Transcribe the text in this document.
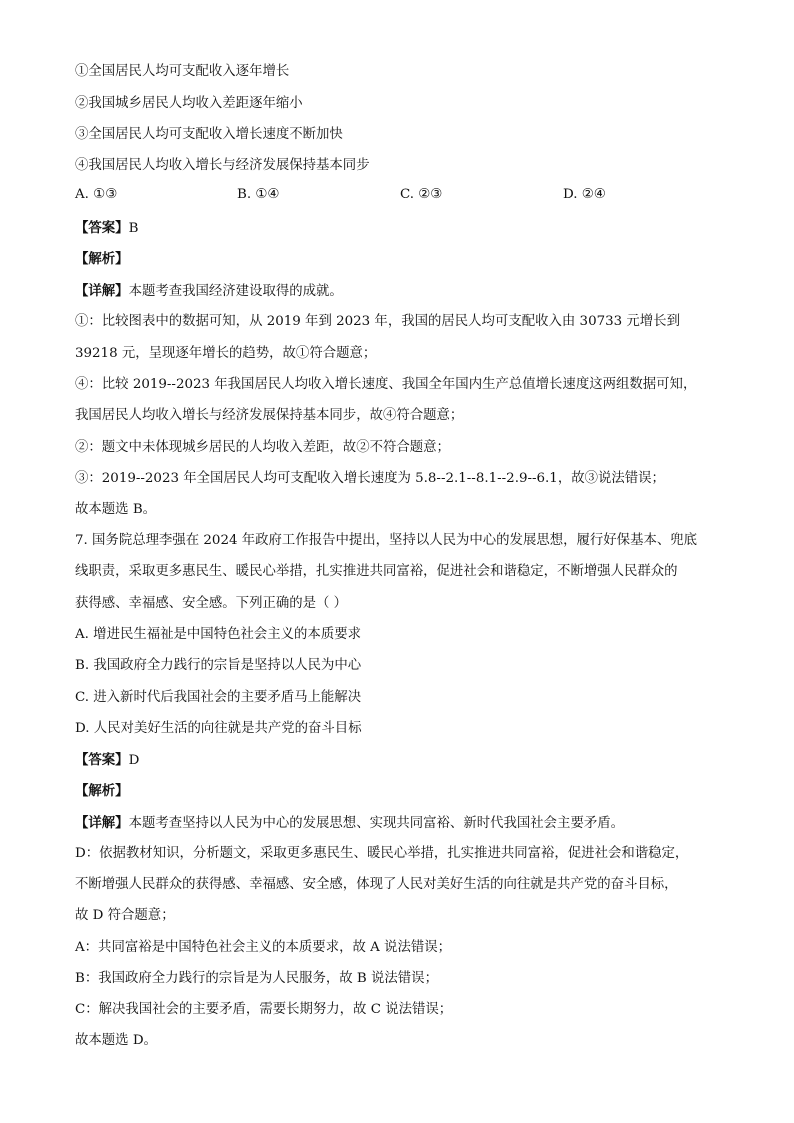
①全国居民人均可支配收入逐年增长
②我国城乡居民人均收入差距逐年缩小
③全国居民人均可支配收入增长速度不断加快
④我国居民人均收入增长与经济发展保持基本同步
A. ①③	B. ①④	C. ②③	D. ②④
【答案】B
【解析】
【详解】本题考查我国经济建设取得的成就。
①：比较图表中的数据可知，从 2019 年到 2023 年，我国的居民人均可支配收入由 30733 元增长到
39218 元，呈现逐年增长的趋势，故①符合题意；
④：比较 2019--2023 年我国居民人均收入增长速度、我国全年国内生产总值增长速度这两组数据可知，
我国居民人均收入增长与经济发展保持基本同步，故④符合题意；
②：题文中未体现城乡居民的人均收入差距，故②不符合题意；
③：2019--2023 年全国居民人均可支配收入增长速度为 5.8--2.1--8.1--2.9--6.1，故③说法错误；
故本题选 B。
7. 国务院总理李强在 2024 年政府工作报告中提出，坚持以人民为中心的发展思想，履行好保基本、兜底
线职责，采取更多惠民生、暖民心举措，扎实推进共同富裕，促进社会和谐稳定，不断增强人民群众的
获得感、幸福感、安全感。下列正确的是（ ）
A. 增进民生福祉是中国特色社会主义的本质要求
B. 我国政府全力践行的宗旨是坚持以人民为中心
C. 进入新时代后我国社会的主要矛盾马上能解决
D. 人民对美好生活的向往就是共产党的奋斗目标
【答案】D
【解析】
【详解】本题考查坚持以人民为中心的发展思想、实现共同富裕、新时代我国社会主要矛盾。
D：依据教材知识，分析题文，采取更多惠民生、暖民心举措，扎实推进共同富裕，促进社会和谐稳定，
不断增强人民群众的获得感、幸福感、安全感，体现了人民对美好生活的向往就是共产党的奋斗目标，
故 D 符合题意；
A：共同富裕是中国特色社会主义的本质要求，故 A 说法错误；
B：我国政府全力践行的宗旨是为人民服务，故 B 说法错误；
C：解决我国社会的主要矛盾，需要长期努力，故 C 说法错误；
故本题选 D。
